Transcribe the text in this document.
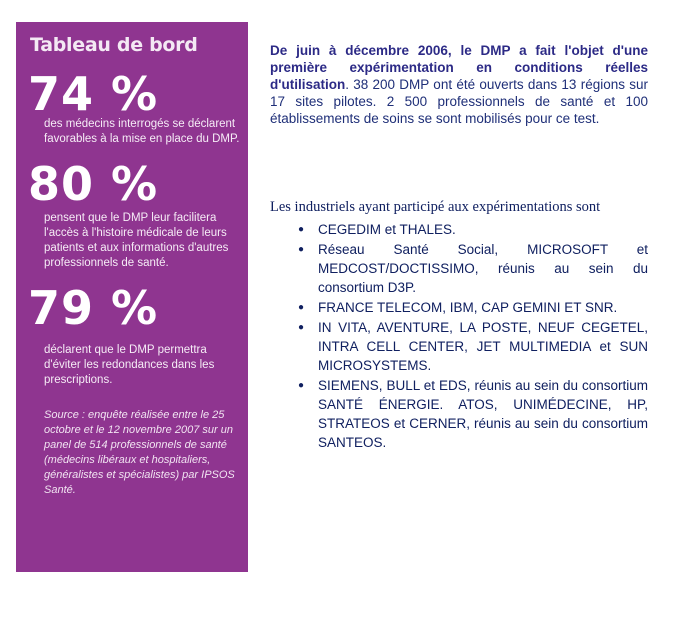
Tableau de bord
74 %
des médecins interrogés se déclarent favorables à la mise en place du DMP.
80 %
pensent que le DMP leur facilitera l'accès à l'histoire médicale de leurs patients et aux informations d'autres professionnels de santé.
79 %
déclarent que le DMP permettra d'éviter les redondances dans les prescriptions.
Source : enquête réalisée entre le 25 octobre et le 12 novembre 2007 sur un panel de 514 professionnels de santé (médecins libéraux et hospitaliers, généralistes et spécialistes) par IPSOS Santé.

De juin à décembre 2006, le DMP a fait l'objet d'une première expérimentation en conditions réelles d'utilisation. 38 200 DMP ont été ouverts dans 13 régions sur 17 sites pilotes. 2 500 professionnels de santé et 100 établissements de soins se sont mobilisés pour ce test.

Les industriels ayant participé aux expérimentations sont

● CEGEDIM et THALES.
● Réseau Santé Social, MICROSOFT et MEDCOST/DOCTISSIMO, réunis au sein du consortium D3P.
● FRANCE TELECOM, IBM, CAP GEMINI ET SNR.
● IN VITA, AVENTURE, LA POSTE, NEUF CEGETEL, INTRA CELL CENTER, JET MULTIMEDIA et SUN MICROSYSTEMS.
● SIEMENS, BULL et EDS, réunis au sein du consortium SANTÉ ÉNERGIE. ATOS, UNIMÉDECINE, HP, STRATEOS et CERNER, réunis au sein du consortium SANTEOS.
